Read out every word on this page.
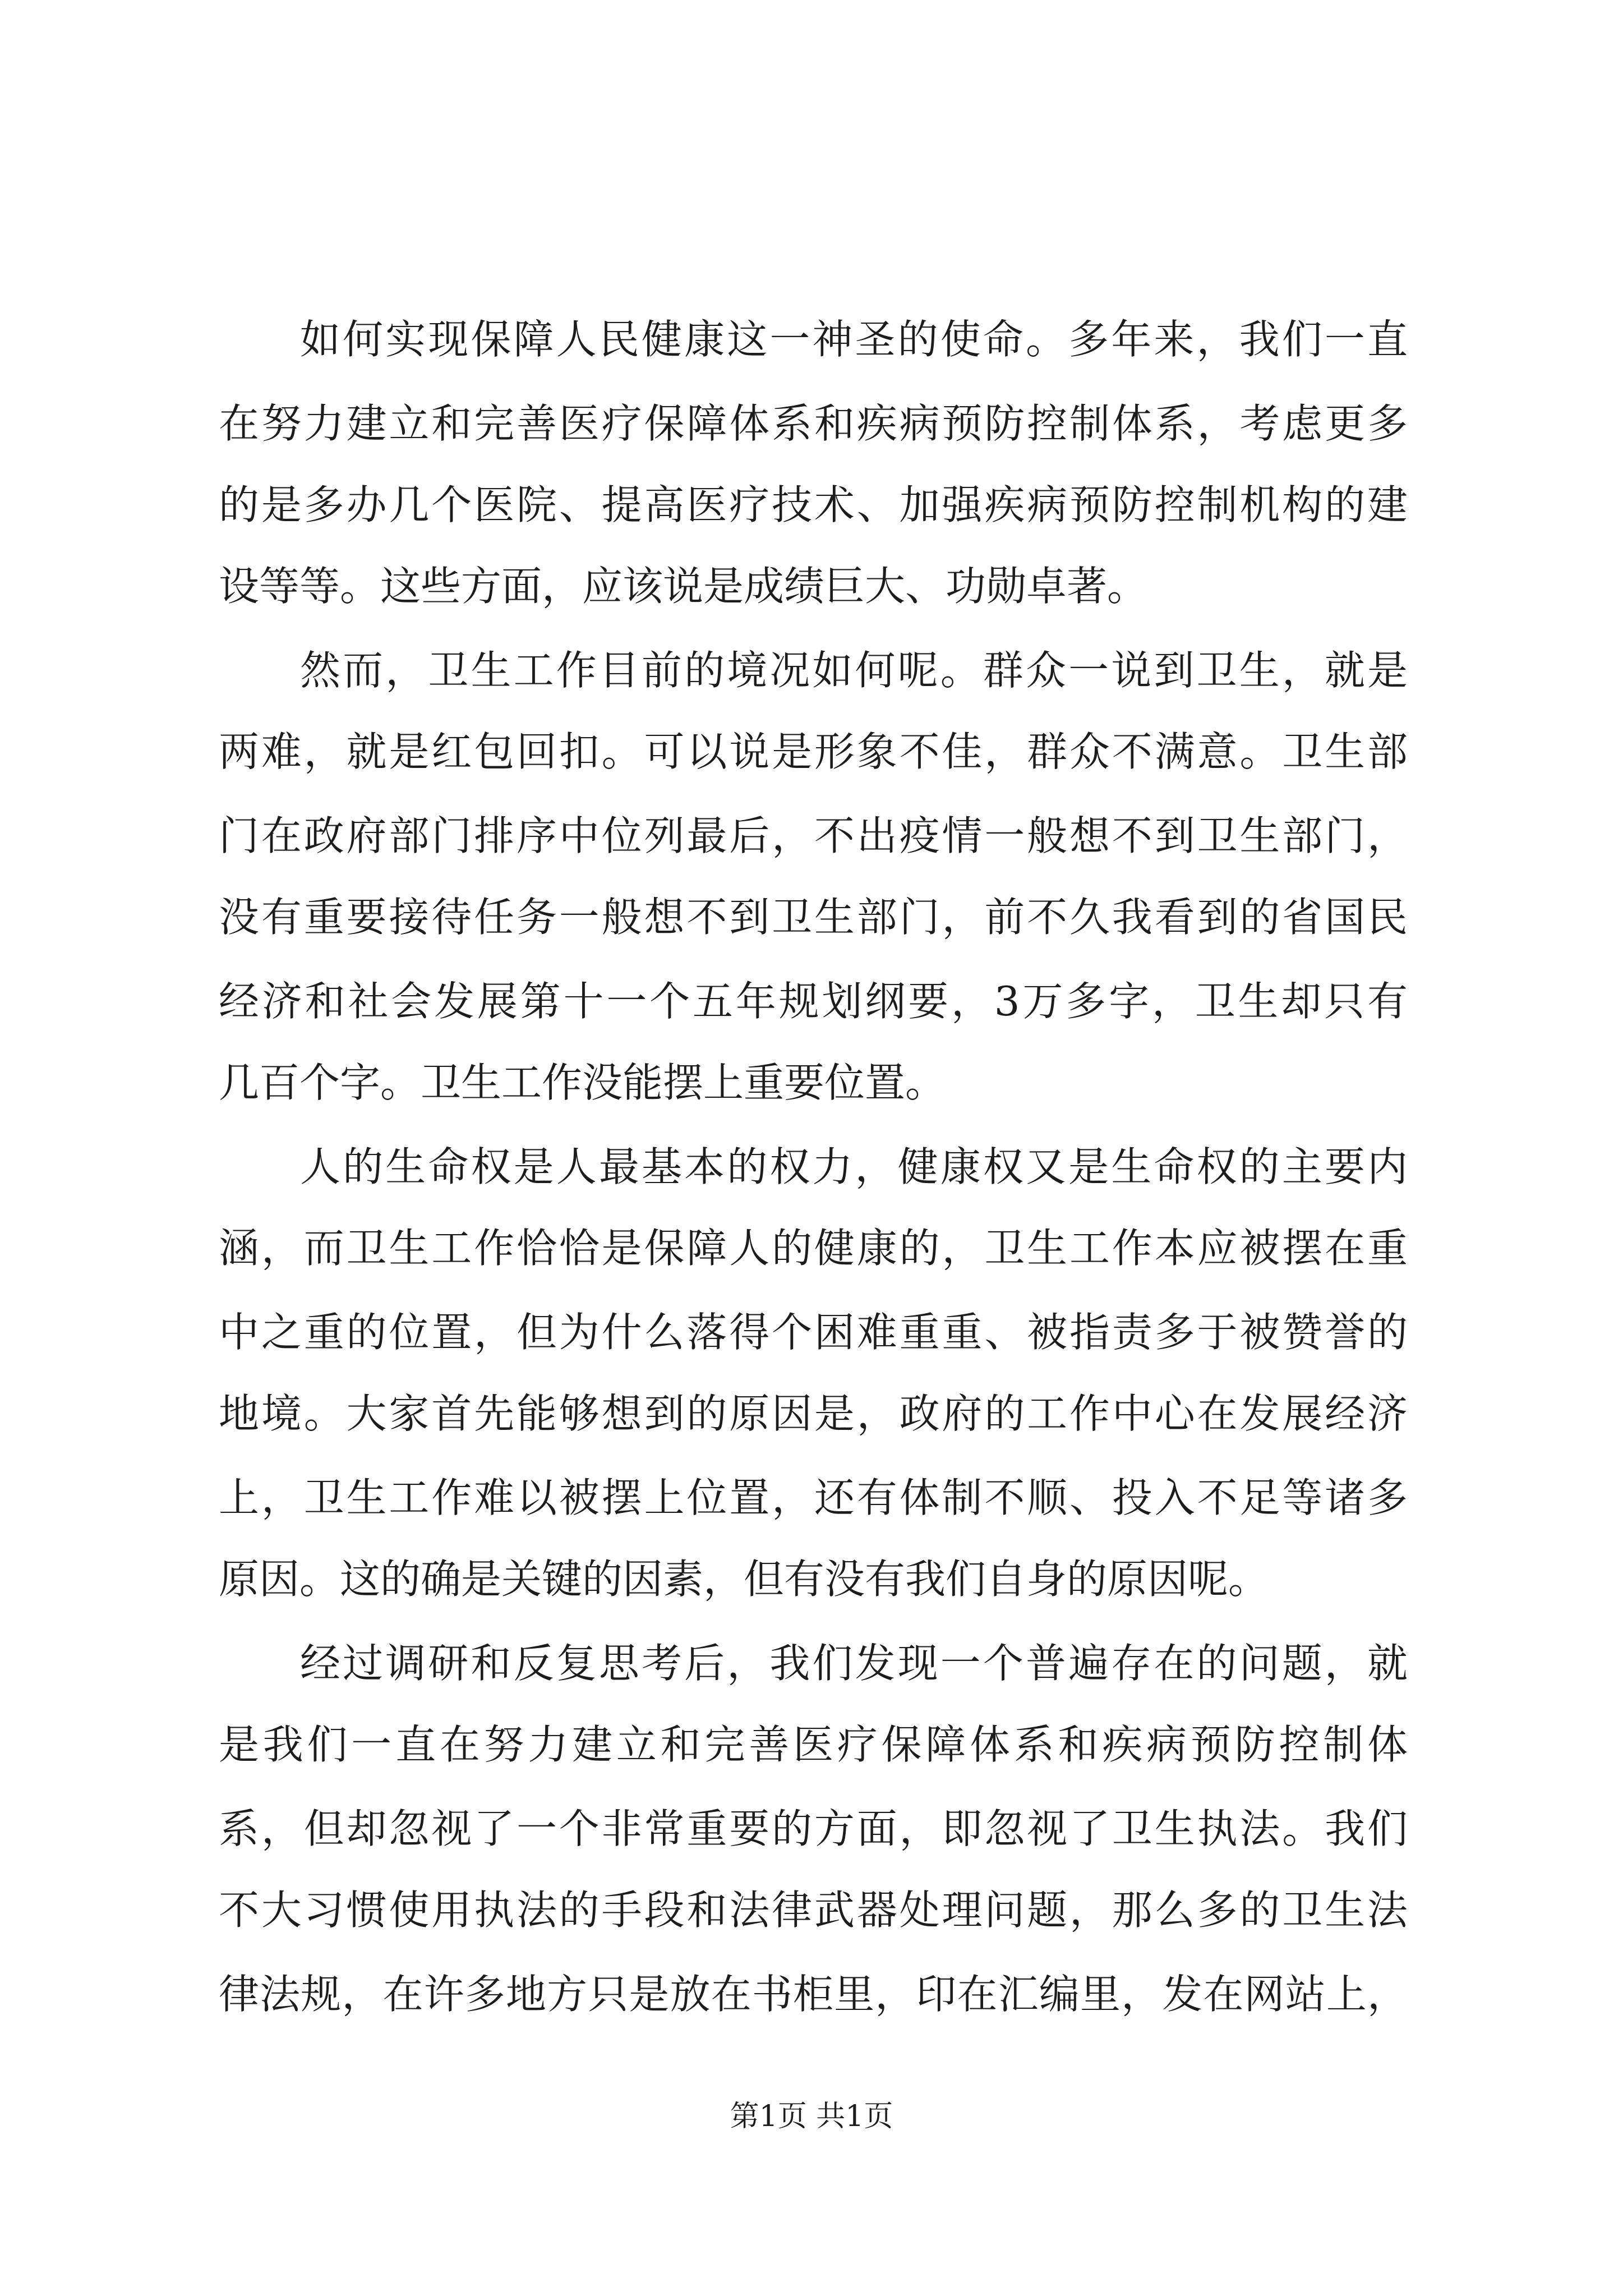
如何实现保障人民健康这一神圣的使命。多年来，我们一直
在努力建立和完善医疗保障体系和疾病预防控制体系，考虑更多
的是多办几个医院、提高医疗技术、加强疾病预防控制机构的建
设等等。这些方面，应该说是成绩巨大、功勋卓著。
然而，卫生工作目前的境况如何呢。群众一说到卫生，就是
两难，就是红包回扣。可以说是形象不佳，群众不满意。卫生部
门在政府部门排序中位列最后，不出疫情一般想不到卫生部门，
没有重要接待任务一般想不到卫生部门，前不久我看到的省国民
经济和社会发展第十一个五年规划纲要，3万多字，卫生却只有
几百个字。卫生工作没能摆上重要位置。
人的生命权是人最基本的权力，健康权又是生命权的主要内
涵，而卫生工作恰恰是保障人的健康的，卫生工作本应被摆在重
中之重的位置，但为什么落得个困难重重、被指责多于被赞誉的
地境。大家首先能够想到的原因是，政府的工作中心在发展经济
上，卫生工作难以被摆上位置，还有体制不顺、投入不足等诸多
原因。这的确是关键的因素，但有没有我们自身的原因呢。
经过调研和反复思考后，我们发现一个普遍存在的问题，就
是我们一直在努力建立和完善医疗保障体系和疾病预防控制体
系，但却忽视了一个非常重要的方面，即忽视了卫生执法。我们
不大习惯使用执法的手段和法律武器处理问题，那么多的卫生法
律法规，在许多地方只是放在书柜里，印在汇编里，发在网站上，
第1页 共1页
